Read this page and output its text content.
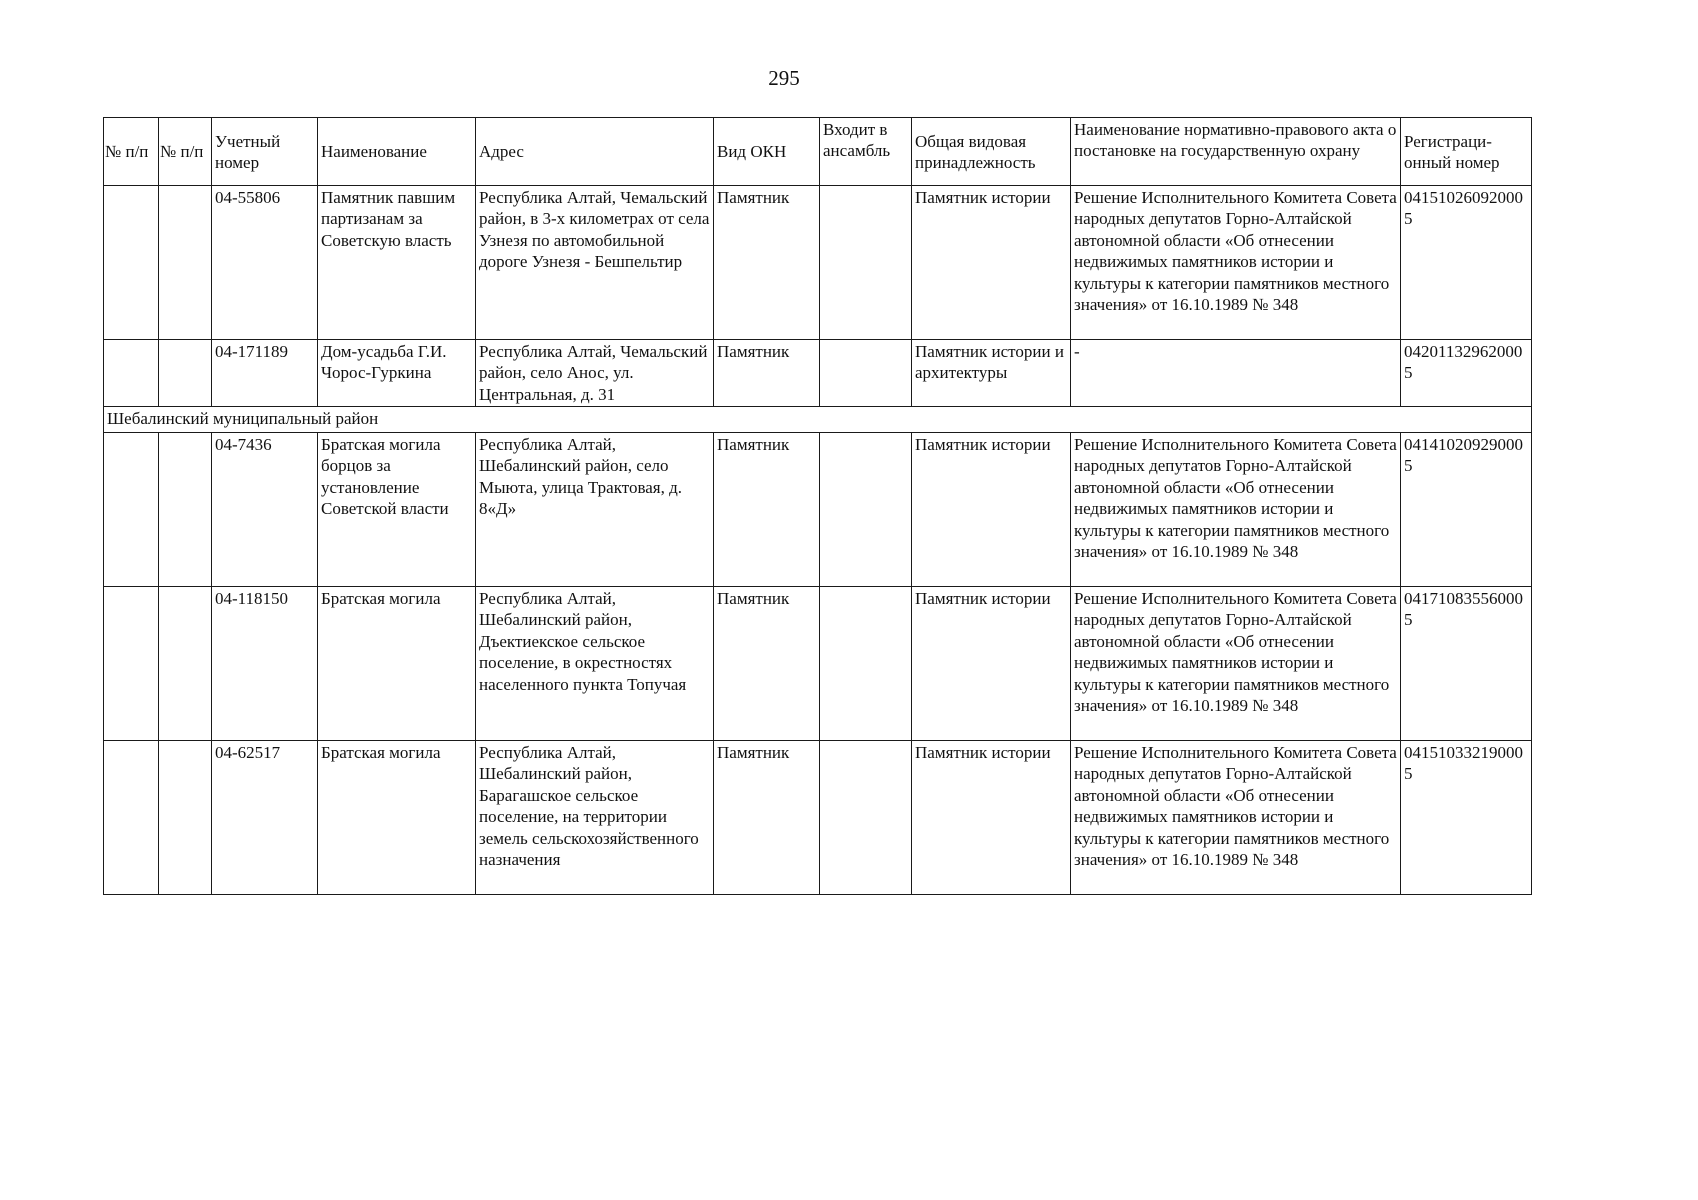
295
№ п/п	№ п/п	Учетный номер	Наименование	Адрес	Вид ОКН	Входит в ансамбль	Общая видовая принадлежность	Наименование нормативно-правового акта о постановке на государственную охрану	Регистраци-онный номер
		04-55806	Памятник павшим партизанам за Советскую власть	Республика Алтай, Чемальский район, в 3-х километрах от села Узнезя по автомобильной дороге Узнезя - Бешпельтир	Памятник		Памятник истории	Решение Исполнительного Комитета Совета народных депутатов Горно-Алтайской автономной области «Об отнесении недвижимых памятников истории и культуры к категории памятников местного значения» от 16.10.1989 № 348	041510260920005
		04-171189	Дом-усадьба Г.И. Чорос-Гуркина	Республика Алтай, Чемальский район, село Анос, ул. Центральная, д. 31	Памятник		Памятник истории и архитектуры	-	042011329620005
Шебалинский муниципальный район									
		04-7436	Братская могила борцов за установление Советской власти	Республика Алтай, Шебалинский район, село Мыюта, улица Трактовая, д. 8«Д»	Памятник		Памятник истории	Решение Исполнительного Комитета Совета народных депутатов Горно-Алтайской автономной области «Об отнесении недвижимых памятников истории и культуры к категории памятников местного значения» от 16.10.1989 № 348	041410209290005
		04-118150	Братская могила	Республика Алтай, Шебалинский район, Дъектиекское сельское поселение, в окрестностях населенного пункта Топучая	Памятник		Памятник истории	Решение Исполнительного Комитета Совета народных депутатов Горно-Алтайской автономной области «Об отнесении недвижимых памятников истории и культуры к категории памятников местного значения» от 16.10.1989 № 348	041710835560005
		04-62517	Братская могила	Республика Алтай, Шебалинский район, Барагашское сельское поселение, на территории земель сельскохозяйственного назначения	Памятник		Памятник истории	Решение Исполнительного Комитета Совета народных депутатов Горно-Алтайской автономной области «Об отнесении недвижимых памятников истории и культуры к категории памятников местного значения» от 16.10.1989 № 348	041510332190005
